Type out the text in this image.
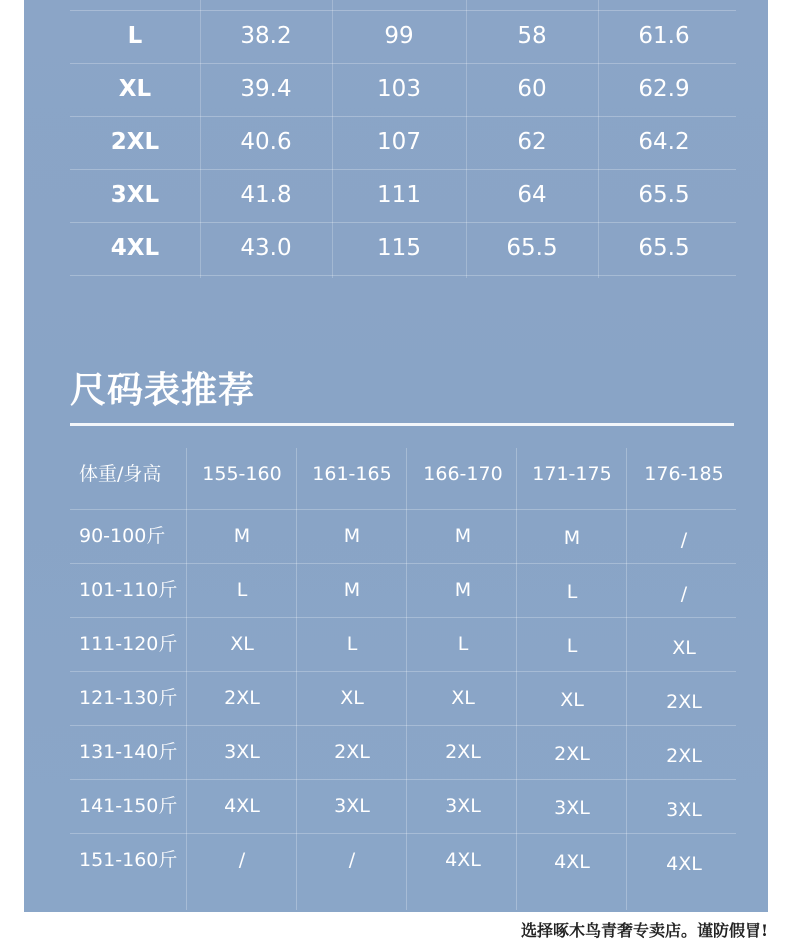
L	38.2	99	58	61.6
XL	39.4	103	60	62.9
2XL	40.6	107	62	64.2
3XL	41.8	111	64	65.5
4XL	43.0	115	65.5	65.5
尺码表推荐
体重/身高	155-160	161-165	166-170	171-175	176-185
90-100斤	M	M	M	M	/
101-110斤	L	M	M	L	/
111-120斤	XL	L	L	L	XL
121-130斤	2XL	XL	XL	XL	2XL
131-140斤	3XL	2XL	2XL	2XL	2XL
141-150斤	4XL	3XL	3XL	3XL	3XL
151-160斤	/	/	4XL	4XL	4XL
选择啄木鸟青奢专卖店。谨防假冒!
